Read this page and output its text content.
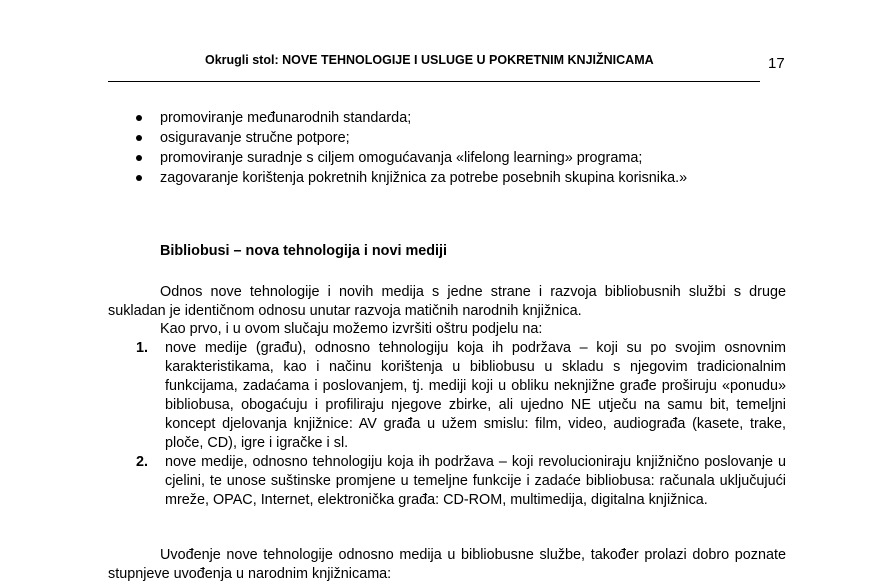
Okrugli stol: NOVE TEHNOLOGIJE I USLUGE U POKRETNIM KNJIŽNICAMA	17
promoviranje međunarodnih standarda;
osiguravanje stručne potpore;
promoviranje suradnje s ciljem omogućavanja «lifelong learning» programa;
zagovaranje korištenja pokretnih knjižnica za potrebe posebnih skupina korisnika.»
Bibliobusi – nova tehnologija i novi mediji

Odnos nove tehnologije i novih medija s jedne strane i razvoja bibliobusnih službi s druge sukladan je identičnom odnosu unutar razvoja matičnih narodnih knjižnica.

Kao prvo, i u ovom slučaju možemo izvršiti oštru podjelu na:

1. nove medije (građu), odnosno tehnologiju koja ih podržava – koji su po svojim osnovnim karakteristikama, kao i načinu korištenja u bibliobusu u skladu s njegovim tradicionalnim funkcijama, zadaćama i poslovanjem, tj. mediji koji u obliku neknjižne građe proširuju «ponudu» bibliobusa, obogaćuju i profiliraju njegove zbirke, ali ujedno NE utječu na samu bit, temeljni koncept djelovanja knjižnice: AV građa u užem smislu: film, video, audiograđa (kasete, trake, ploče, CD), igre i igračke i sl.
2. nove medije, odnosno tehnologiju koja ih podržava – koji revolucioniraju knjižnično poslovanje u cjelini, te unose suštinske promjene u temeljne funkcije i zadaće bibliobusa: računala uključujući mreže, OPAC, Internet, elektronička građa: CD-ROM, multimedija, digitalna knjižnica.

Uvođenje nove tehnologije odnosno medija u bibliobusne službe, također prolazi dobro poznate stupnjeve uvođenja u narodnim knjižnicama:
